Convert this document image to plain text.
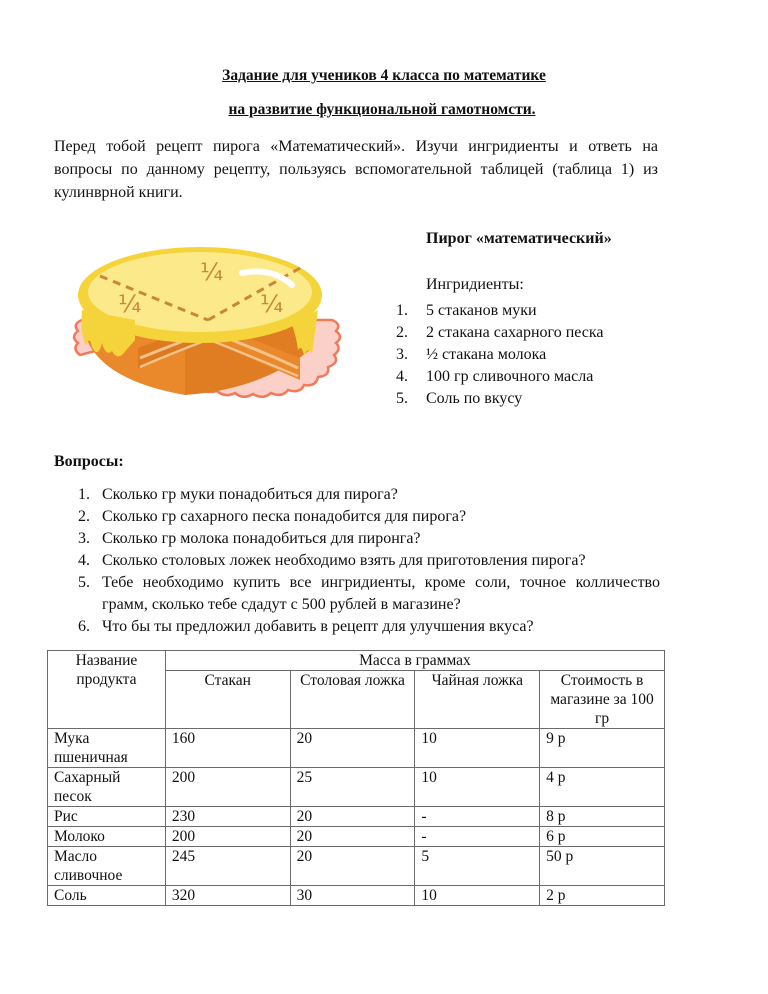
Задание для учеников 4 класса по математике
на развитие функциональной гамотномсти.
Перед тобой рецепт пирога «Математический». Изучи ингридиенты и ответь на вопросы по данному рецепту, пользуясь вспомогательной таблицей (таблица 1) из кулинврной книги.
¼
¼
¼
Пирог «математический»
Ингридиенты:
1.	5 стаканов муки
2.	2 стакана сахарного песка
3.	½ стакана молока
4.	100 гр сливочного масла
5.	Соль по вкусу
Вопросы:
1. Сколько гр муки понадобиться для пирога?
2. Сколько гр сахарного песка понадобится для пирога?
3. Сколько гр молока понадобиться для пиронга?
4. Сколько столовых ложек необходимо взять для приготовления пирога?
5. Тебе необходимо купить все ингридиенты, кроме соли, точное колличество грамм, сколько тебе сдадут с 500 рублей в магазине?
6. Что бы ты предложил добавить в рецепт для улучшения вкуса?
Название продукта	Масса в граммах			
	Стакан	Столовая ложка	Чайная ложка	Стоимость в магазине за 100 гр
Мука пшеничная	160	20	10	9 р
Сахарный песок	200	25	10	4 р
Рис	230	20	-	8 р
Молоко	200	20	-	6 р
Масло сливочное	245	20	5	50 р
Соль	320	30	10	2 р
